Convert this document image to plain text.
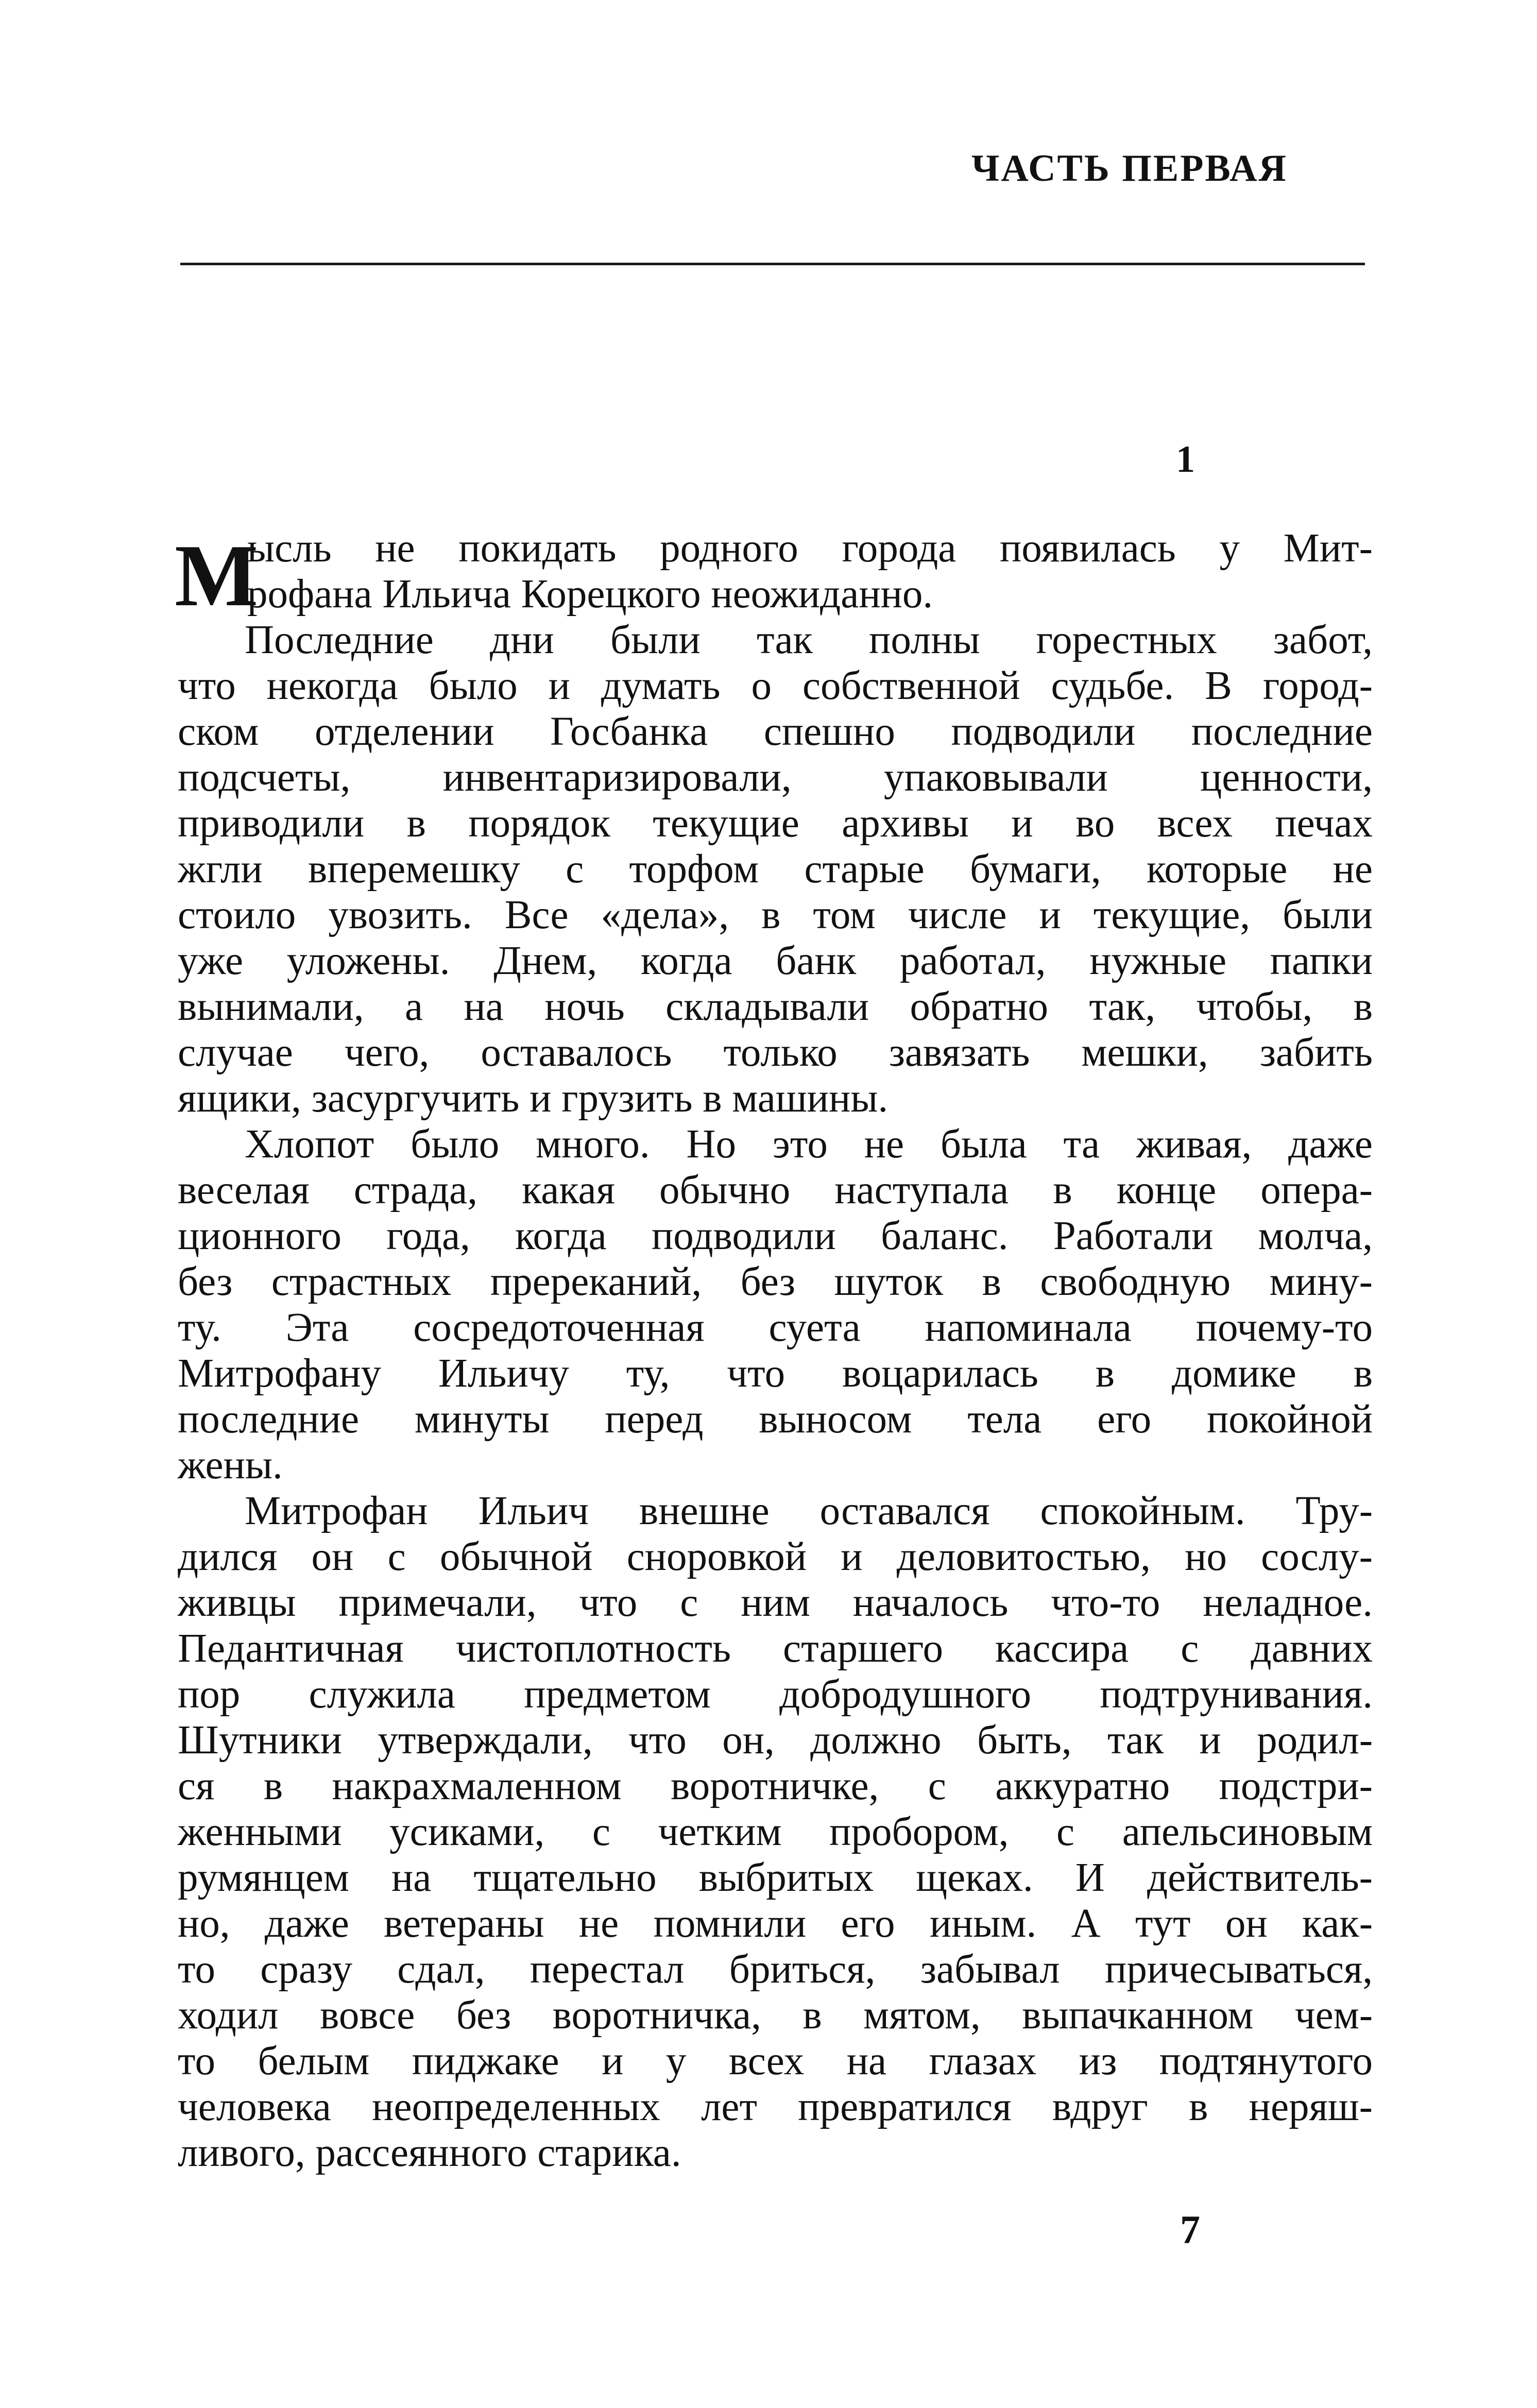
ЧАСТЬ ПЕРВАЯ
1
М
ысль не покидать родного города появилась у Мит-
рофана Ильича Корецкого неожиданно.
Последние дни были так полны горестных забот,
что некогда было и думать о собственной судьбе. В город-
ском отделении Госбанка спешно подводили последние
подсчеты, инвентаризировали, упаковывали ценности,
приводили в порядок текущие архивы и во всех печах
жгли вперемешку с торфом старые бумаги, которые не
стоило увозить. Все «дела», в том числе и текущие, были
уже уложены. Днем, когда банк работал, нужные папки
вынимали, а на ночь складывали обратно так, чтобы, в
случае чего, оставалось только завязать мешки, забить
ящики, засургучить и грузить в машины.
Хлопот было много. Но это не была та живая, даже
веселая страда, какая обычно наступала в конце опера-
ционного года, когда подводили баланс. Работали молча,
без страстных пререканий, без шуток в свободную мину-
ту. Эта сосредоточенная суета напоминала почему-то
Митрофану Ильичу ту, что воцарилась в домике в
последние минуты перед выносом тела его покойной
жены.
Митрофан Ильич внешне оставался спокойным. Тру-
дился он с обычной сноровкой и деловитостью, но сослу-
живцы примечали, что с ним началось что-то неладное.
Педантичная чистоплотность старшего кассира с давних
пор служила предметом добродушного подтрунивания.
Шутники утверждали, что он, должно быть, так и родил-
ся в накрахмаленном воротничке, с аккуратно подстри-
женными усиками, с четким пробором, с апельсиновым
румянцем на тщательно выбритых щеках. И действитель-
но, даже ветераны не помнили его иным. А тут он как-
то сразу сдал, перестал бриться, забывал причесываться,
ходил вовсе без воротничка, в мятом, выпачканном чем-
то белым пиджаке и у всех на глазах из подтянутого
человека неопределенных лет превратился вдруг в неряш-
ливого, рассеянного старика.
7
